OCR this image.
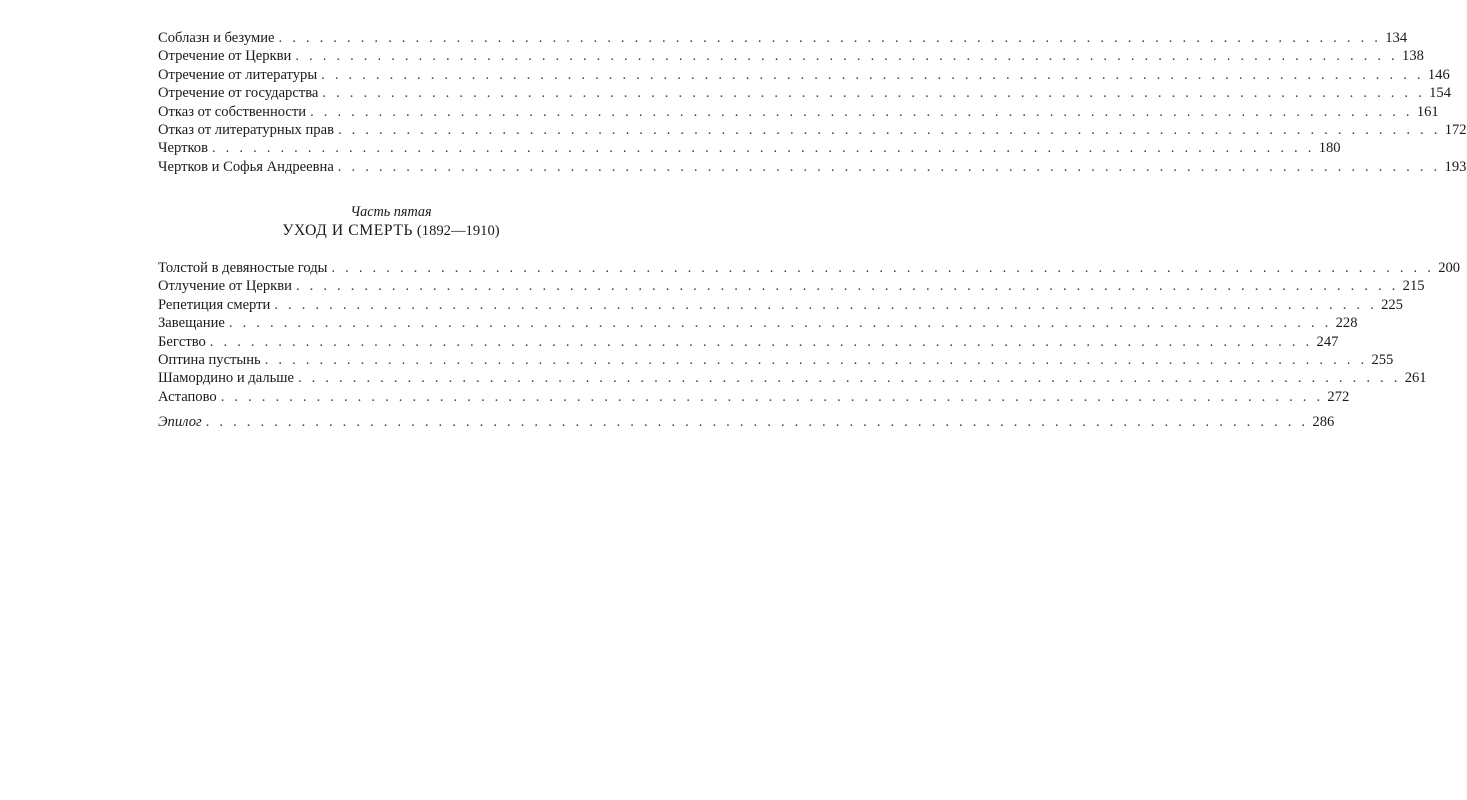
Соблазн и безумие . . . . . . . . . . . . . . . . . . . . . . . . . . . . . . . . . . . . . . . . . . . . . . . . . . . . . . . . . . . . . . . . . . . . . . . . . . . . . . . . . 134
Отречение от Церкви . . . . . . . . . . . . . . . . . . . . . . . . . . . . . . . . . . . . . . . . . . . . . . . . . . . . . . . . . . . . . . . . . . . . . . . . . . . . . . . . . 138
Отречение от литературы . . . . . . . . . . . . . . . . . . . . . . . . . . . . . . . . . . . . . . . . . . . . . . . . . . . . . . . . . . . . . . . . . . . . . . . . . . . . . . . . . 146
Отречение от государства . . . . . . . . . . . . . . . . . . . . . . . . . . . . . . . . . . . . . . . . . . . . . . . . . . . . . . . . . . . . . . . . . . . . . . . . . . . . . . . . . 154
Отказ от собственности . . . . . . . . . . . . . . . . . . . . . . . . . . . . . . . . . . . . . . . . . . . . . . . . . . . . . . . . . . . . . . . . . . . . . . . . . . . . . . . . . 161
Отказ от литературных прав . . . . . . . . . . . . . . . . . . . . . . . . . . . . . . . . . . . . . . . . . . . . . . . . . . . . . . . . . . . . . . . . . . . . . . . . . . . . . . . . . 172
Чертков . . . . . . . . . . . . . . . . . . . . . . . . . . . . . . . . . . . . . . . . . . . . . . . . . . . . . . . . . . . . . . . . . . . . . . . . . . . . . . . . . 180
Чертков и Софья Андреевна . . . . . . . . . . . . . . . . . . . . . . . . . . . . . . . . . . . . . . . . . . . . . . . . . . . . . . . . . . . . . . . . . . . . . . . . . . . . . . . . . 193
Часть пятая
УХОД И СМЕРТЬ (1892—1910)
Толстой в девяностые годы . . . . . . . . . . . . . . . . . . . . . . . . . . . . . . . . . . . . . . . . . . . . . . . . . . . . . . . . . . . . . . . . . . . . . . . . . . . . . . . . . 200
Отлучение от Церкви . . . . . . . . . . . . . . . . . . . . . . . . . . . . . . . . . . . . . . . . . . . . . . . . . . . . . . . . . . . . . . . . . . . . . . . . . . . . . . . . . 215
Репетиция смерти . . . . . . . . . . . . . . . . . . . . . . . . . . . . . . . . . . . . . . . . . . . . . . . . . . . . . . . . . . . . . . . . . . . . . . . . . . . . . . . . . 225
Завещание . . . . . . . . . . . . . . . . . . . . . . . . . . . . . . . . . . . . . . . . . . . . . . . . . . . . . . . . . . . . . . . . . . . . . . . . . . . . . . . . . 228
Бегство . . . . . . . . . . . . . . . . . . . . . . . . . . . . . . . . . . . . . . . . . . . . . . . . . . . . . . . . . . . . . . . . . . . . . . . . . . . . . . . . . 247
Оптина пустынь . . . . . . . . . . . . . . . . . . . . . . . . . . . . . . . . . . . . . . . . . . . . . . . . . . . . . . . . . . . . . . . . . . . . . . . . . . . . . . . . . 255
Шамордино и дальше . . . . . . . . . . . . . . . . . . . . . . . . . . . . . . . . . . . . . . . . . . . . . . . . . . . . . . . . . . . . . . . . . . . . . . . . . . . . . . . . . 261
Астапово . . . . . . . . . . . . . . . . . . . . . . . . . . . . . . . . . . . . . . . . . . . . . . . . . . . . . . . . . . . . . . . . . . . . . . . . . . . . . . . . . 272
Эпилог . . . . . . . . . . . . . . . . . . . . . . . . . . . . . . . . . . . . . . . . . . . . . . . . . . . . . . . . . . . . . . . . . . . . . . . . . . . . . . . . . 286
